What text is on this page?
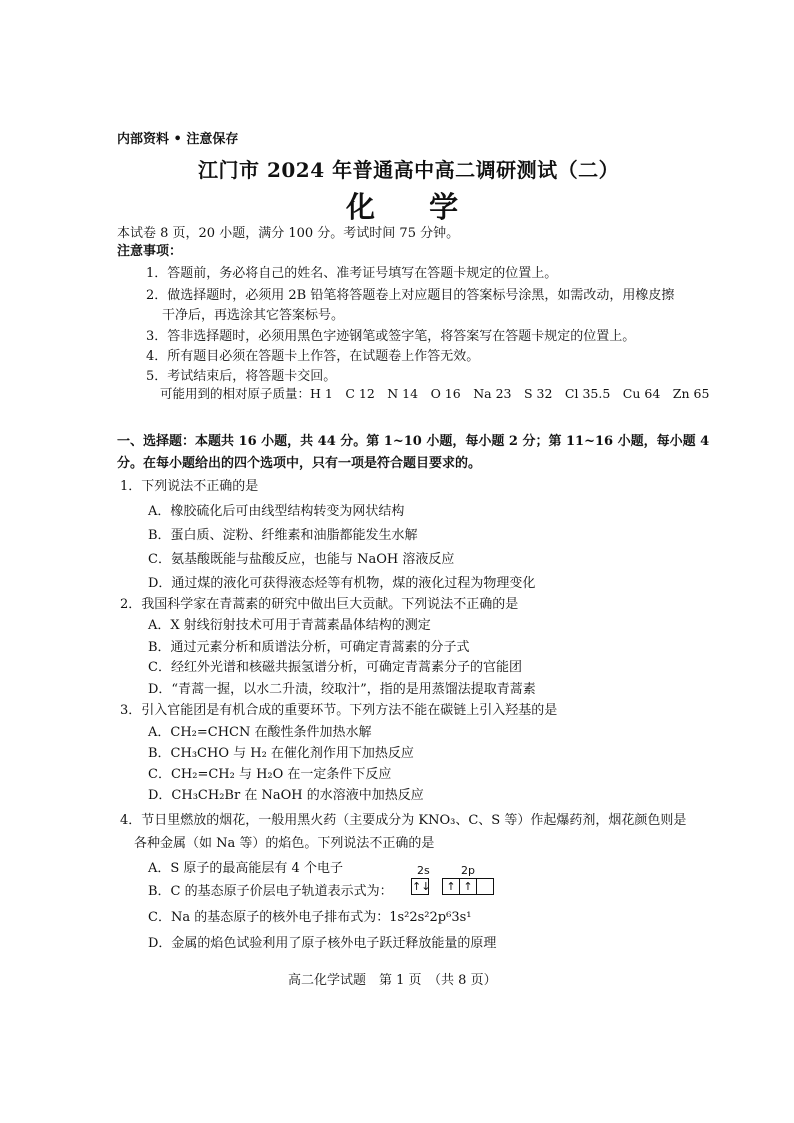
内部资料 • 注意保存
江门市 2024 年普通高中高二调研测试（二）
化 学
本试卷 8 页，20 小题，满分 100 分。考试时间 75 分钟。
注意事项：
1．答题前，务必将自己的姓名、准考证号填写在答题卡规定的位置上。
2．做选择题时，必须用 2B 铅笔将答题卷上对应题目的答案标号涂黑，如需改动，用橡皮擦
干净后，再选涂其它答案标号。
3．答非选择题时，必须用黑色字迹钢笔或签字笔，将答案写在答题卡规定的位置上。
4．所有题目必须在答题卡上作答，在试题卷上作答无效。
5．考试结束后，将答题卡交回。
可能用到的相对原子质量：H 1　C 12　N 14　O 16　Na 23　S 32　Cl 35.5　Cu 64　Zn 65
一、选择题：本题共 16 小题，共 44 分。第 1~10 小题，每小题 2 分；第 11~16 小题，每小题 4
分。在每小题给出的四个选项中，只有一项是符合题目要求的。
1．下列说法不正确的是
A．橡胶硫化后可由线型结构转变为网状结构
B．蛋白质、淀粉、纤维素和油脂都能发生水解
C．氨基酸既能与盐酸反应，也能与 NaOH 溶液反应
D．通过煤的液化可获得液态烃等有机物，煤的液化过程为物理变化
2．我国科学家在青蒿素的研究中做出巨大贡献。下列说法不正确的是
A．X 射线衍射技术可用于青蒿素晶体结构的测定
B．通过元素分析和质谱法分析，可确定青蒿素的分子式
C．经红外光谱和核磁共振氢谱分析，可确定青蒿素分子的官能团
D．“青蒿一握，以水二升渍，绞取汁”，指的是用蒸馏法提取青蒿素
3．引入官能团是有机合成的重要环节。下列方法不能在碳链上引入羟基的是
A．CH₂=CHCN 在酸性条件加热水解
B．CH₃CHO 与 H₂ 在催化剂作用下加热反应
C．CH₂=CH₂ 与 H₂O 在一定条件下反应
D．CH₃CH₂Br 在 NaOH 的水溶液中加热反应
4．节日里燃放的烟花，一般用黑火药（主要成分为 KNO₃、C、S 等）作起爆药剂，烟花颜色则是
各种金属（如 Na 等）的焰色。下列说法不正确的是
A．S 原子的最高能层有 4 个电子
B．C 的基态原子价层电子轨道表示式为：
2s	2p
↑↓	↑ ↑
C．Na 的基态原子的核外电子排布式为：1s²2s²2p⁶3s¹
D．金属的焰色试验利用了原子核外电子跃迁释放能量的原理
高二化学试题　第 1 页　（共 8 页）
